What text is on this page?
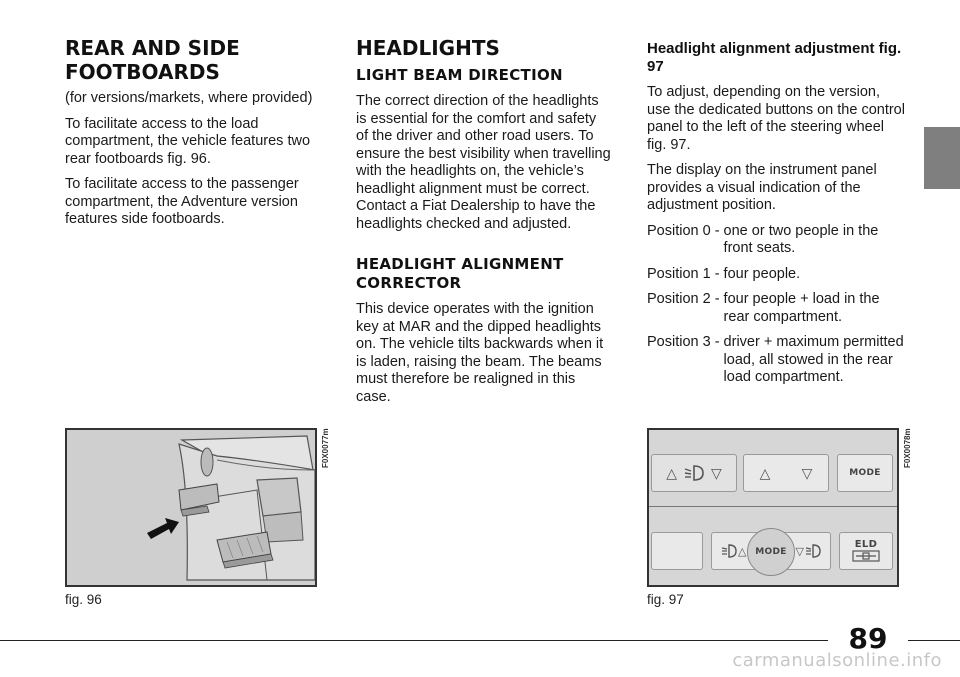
REAR AND SIDE FOOTBOARDS

(for versions/markets, where provided)

To facilitate access to the load compartment, the vehicle features two rear footboards fig. 96.

To facilitate access to the passenger compartment, the Adventure version features side footboards.

HEADLIGHTS
LIGHT BEAM DIRECTION

The correct direction of the headlights is essential for the comfort and safety of the driver and other road users. To ensure the best visibility when travelling with the headlights on, the vehicle’s headlight alignment must be correct. Contact a Fiat Dealership to have the headlights checked and adjusted.

HEADLIGHT ALIGNMENT CORRECTOR

This device operates with the ignition key at MAR and the dipped headlights on. The vehicle tilts backwards when it is laden, raising the beam. The beams must therefore be realigned in this case.

Headlight alignment adjustment fig. 97

To adjust, depending on the version, use the dedicated buttons on the control panel to the left of the steering wheel fig. 97.

The display on the instrument panel provides a visual indication of the adjustment position.

Position 0 - one or two people in the front seats.
Position 1 - four people.
Position 2 - four people + load in the rear compartment.
Position 3 - driver + maximum permitted load, all stowed in the rear load compartment.
F0X0077m
fig. 96
△ ▽	△ ▽	MODE
△	▽
MODE
ELD
F0X0078m
fig. 97
89
carmanualsonline.info
